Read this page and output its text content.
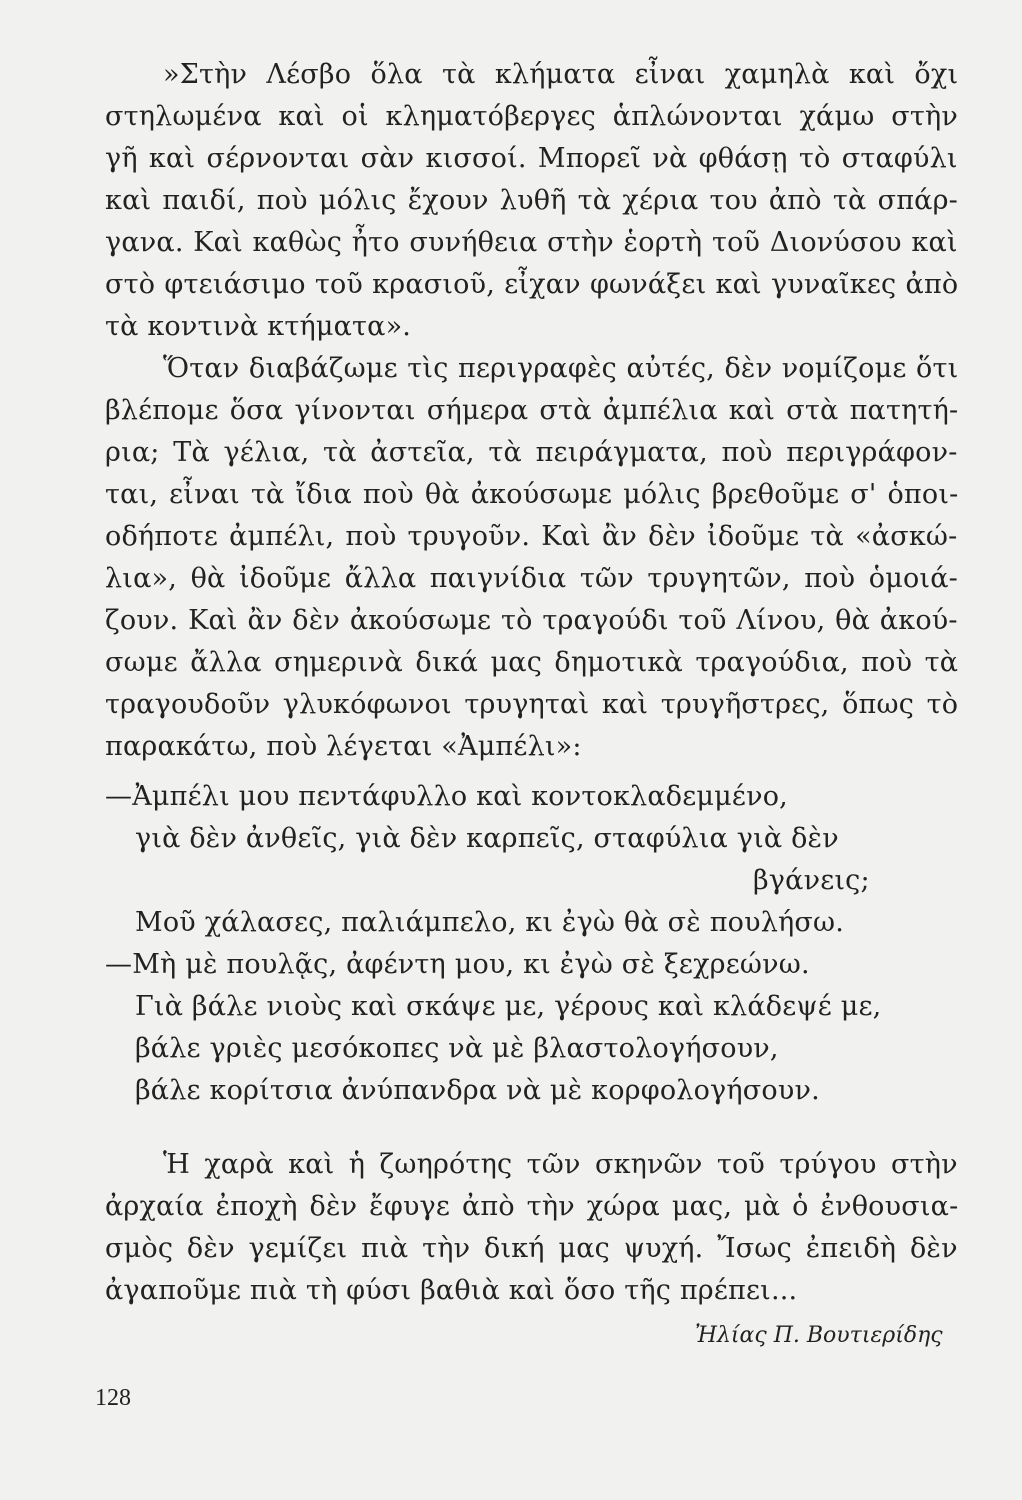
»Στὴν Λέσβο ὅλα τὰ κλήματα εἶναι χαμηλὰ καὶ ὄχι
στηλωμένα καὶ οἱ κληματόβεργες ἁπλώνονται χάμω στὴν
γῆ καὶ σέρνονται σὰν κισσοί. Μπορεῖ νὰ φθάσῃ τὸ σταφύλι
καὶ παιδί, ποὺ μόλις ἔχουν λυθῆ τὰ χέρια του ἀπὸ τὰ σπάρ-
γανα. Καὶ καθὼς ἦτο συνήθεια στὴν ἑορτὴ τοῦ Διονύσου καὶ
στὸ φτειάσιμο τοῦ κρασιοῦ, εἶχαν φωνάξει καὶ γυναῖκες ἀπὸ
τὰ κοντινὰ κτήματα».
Ὅταν διαβάζωμε τὶς περιγραφὲς αὐτές, δὲν νομίζομε ὅτι
βλέπομε ὅσα γίνονται σήμερα στὰ ἀμπέλια καὶ στὰ πατητή-
ρια; Τὰ γέλια, τὰ ἀστεῖα, τὰ πειράγματα, ποὺ περιγράφον-
ται, εἶναι τὰ ἴδια ποὺ θὰ ἀκούσωμε μόλις βρεθοῦμε σ' ὁποι-
οδήποτε ἀμπέλι, ποὺ τρυγοῦν. Καὶ ἂν δὲν ἰδοῦμε τὰ «ἀσκώ-
λια», θὰ ἰδοῦμε ἄλλα παιγνίδια τῶν τρυγητῶν, ποὺ ὁμοιά-
ζουν. Καὶ ἂν δὲν ἀκούσωμε τὸ τραγούδι τοῦ Λίνου, θὰ ἀκού-
σωμε ἄλλα σημερινὰ δικά μας δημοτικὰ τραγούδια, ποὺ τὰ
τραγουδοῦν γλυκόφωνοι τρυγηταὶ καὶ τρυγῆστρες, ὅπως τὸ
παρακάτω, ποὺ λέγεται «Ἀμπέλι»:
—Ἀμπέλι μου πεντάφυλλο καὶ κοντοκλαδεμμένο,
γιὰ δὲν ἀνθεῖς, γιὰ δὲν καρπεῖς, σταφύλια γιὰ δὲν
βγάνεις;
Μοῦ χάλασες, παλιάμπελο, κι ἐγὼ θὰ σὲ πουλήσω.
—Μὴ μὲ πουλᾷς, ἀφέντη μου, κι ἐγὼ σὲ ξεχρεώνω.
Γιὰ βάλε νιοὺς καὶ σκάψε με, γέρους καὶ κλάδεψέ με,
βάλε γριὲς μεσόκοπες νὰ μὲ βλαστολογήσουν,
βάλε κορίτσια ἀνύπανδρα νὰ μὲ κορφολογήσουν.
Ἡ χαρὰ καὶ ἡ ζωηρότης τῶν σκηνῶν τοῦ τρύγου στὴν
ἀρχαία ἐποχὴ δὲν ἔφυγε ἀπὸ τὴν χώρα μας, μὰ ὁ ἐνθουσια-
σμὸς δὲν γεμίζει πιὰ τὴν δική μας ψυχή. Ἴσως ἐπειδὴ δὲν
ἀγαποῦμε πιὰ τὴ φύσι βαθιὰ καὶ ὅσο τῆς πρέπει...
Ἠλίας Π. Βουτιερίδης
128
